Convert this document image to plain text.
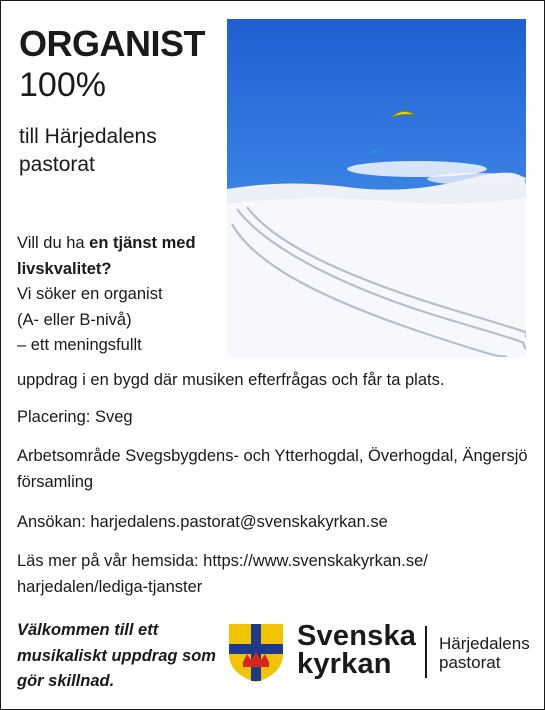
ORGANIST
100%
till Härjedalens pastorat
Vill du ha en tjänst med livskvalitet?
Vi söker en organist
(A- eller B-nivå)
– ett meningsfullt
uppdrag i en bygd där musiken efterfrågas och får ta plats.
Placering: Sveg
Arbetsområde Svegsbygdens- och Ytterhogdal, Överhogdal, Ängersjö församling
Ansökan: harjedalens.pastorat@svenskakyrkan.se
Läs mer på vår hemsida: https://www.svenskakyrkan.se/ harjedalen/lediga-tjanster
Välkommen till ett musikaliskt uppdrag som gör skillnad.
Svenska
kyrkan
Härjedalens
pastorat
